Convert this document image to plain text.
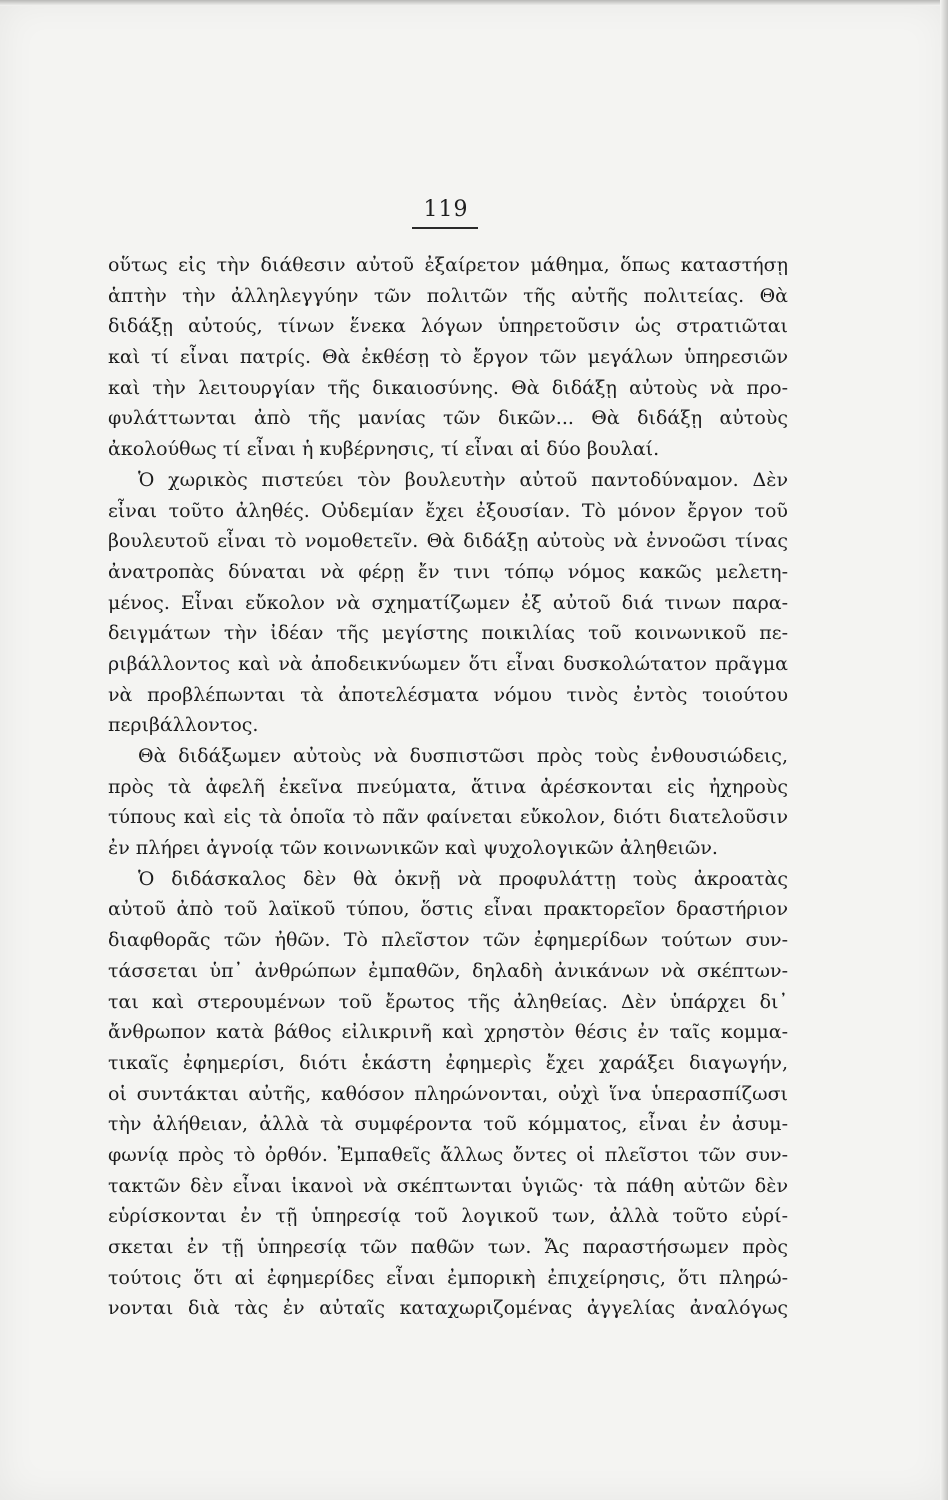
119
οὕτως εἰς τὴν διάθεσιν αὐτοῦ ἐξαίρετον μάθημα, ὅπως καταστήσῃ
ἁπτὴν τὴν ἀλληλεγγύην τῶν πολιτῶν τῆς αὐτῆς πολιτείας. Θὰ
διδάξῃ αὐτούς, τίνων ἕνεκα λόγων ὑπηρετοῦσιν ὡς στρατιῶται
καὶ τί εἶναι πατρίς. Θὰ ἐκθέσῃ τὸ ἔργον τῶν μεγάλων ὑπηρεσιῶν
καὶ τὴν λειτουργίαν τῆς δικαιοσύνης. Θὰ διδάξῃ αὐτοὺς νὰ προ-
φυλάττωνται ἀπὸ τῆς μανίας τῶν δικῶν... Θὰ διδάξῃ αὐτοὺς
ἀκολούθως τί εἶναι ἡ κυβέρνησις, τί εἶναι αἱ δύο βουλαί.
Ὁ χωρικὸς πιστεύει τὸν βουλευτὴν αὐτοῦ παντοδύναμον. Δὲν
εἶναι τοῦτο ἀληθές. Οὐδεμίαν ἔχει ἐξουσίαν. Τὸ μόνον ἔργον τοῦ
βουλευτοῦ εἶναι τὸ νομοθετεῖν. Θὰ διδάξῃ αὐτοὺς νὰ ἐννοῶσι τίνας
ἀνατροπὰς δύναται νὰ φέρῃ ἔν τινι τόπῳ νόμος κακῶς μελετη-
μένος. Εἶναι εὔκολον νὰ σχηματίζωμεν ἐξ αὐτοῦ διά τινων παρα-
δειγμάτων τὴν ἰδέαν τῆς μεγίστης ποικιλίας τοῦ κοινωνικοῦ πε-
ριβάλλοντος καὶ νὰ ἀποδεικνύωμεν ὅτι εἶναι δυσκολώτατον πρᾶγμα
νὰ προβλέπωνται τὰ ἀποτελέσματα νόμου τινὸς ἐντὸς τοιούτου
περιβάλλοντος.
Θὰ διδάξωμεν αὐτοὺς νὰ δυσπιστῶσι πρὸς τοὺς ἐνθουσιώδεις,
πρὸς τὰ ἀφελῆ ἐκεῖνα πνεύματα, ἅτινα ἀρέσκονται εἰς ἠχηροὺς
τύπους καὶ εἰς τὰ ὁποῖα τὸ πᾶν φαίνεται εὔκολον, διότι διατελοῦσιν
ἐν πλήρει ἀγνοίᾳ τῶν κοινωνικῶν καὶ ψυχολογικῶν ἀληθειῶν.
Ὁ διδάσκαλος δὲν θὰ ὀκνῇ νὰ προφυλάττῃ τοὺς ἀκροατὰς
αὐτοῦ ἀπὸ τοῦ λαϊκοῦ τύπου, ὅστις εἶναι πρακτορεῖον δραστήριον
διαφθορᾶς τῶν ἠθῶν. Τὸ πλεῖστον τῶν ἐφημερίδων τούτων συν-
τάσσεται ὑπ᾽ ἀνθρώπων ἐμπαθῶν, δηλαδὴ ἀνικάνων νὰ σκέπτων-
ται καὶ στερουμένων τοῦ ἔρωτος τῆς ἀληθείας. Δὲν ὑπάρχει δι᾽
ἄνθρωπον κατὰ βάθος εἰλικρινῆ καὶ χρηστὸν θέσις ἐν ταῖς κομμα-
τικαῖς ἐφημερίσι, διότι ἑκάστη ἐφημερὶς ἔχει χαράξει διαγωγήν,
οἱ συντάκται αὐτῆς, καθόσον πληρώνονται, οὐχὶ ἵνα ὑπερασπίζωσι
τὴν ἀλήθειαν, ἀλλὰ τὰ συμφέροντα τοῦ κόμματος, εἶναι ἐν ἀσυμ-
φωνίᾳ πρὸς τὸ ὀρθόν. Ἐμπαθεῖς ἄλλως ὄντες οἱ πλεῖστοι τῶν συν-
τακτῶν δὲν εἶναι ἱκανοὶ νὰ σκέπτωνται ὑγιῶς· τὰ πάθη αὐτῶν δὲν
εὑρίσκονται ἐν τῇ ὑπηρεσίᾳ τοῦ λογικοῦ των, ἀλλὰ τοῦτο εὑρί-
σκεται ἐν τῇ ὑπηρεσίᾳ τῶν παθῶν των. Ἄς παραστήσωμεν πρὸς
τούτοις ὅτι αἱ ἐφημερίδες εἶναι ἐμπορικὴ ἐπιχείρησις, ὅτι πληρώ-
νονται διὰ τὰς ἐν αὐταῖς καταχωριζομένας ἀγγελίας ἀναλόγως
